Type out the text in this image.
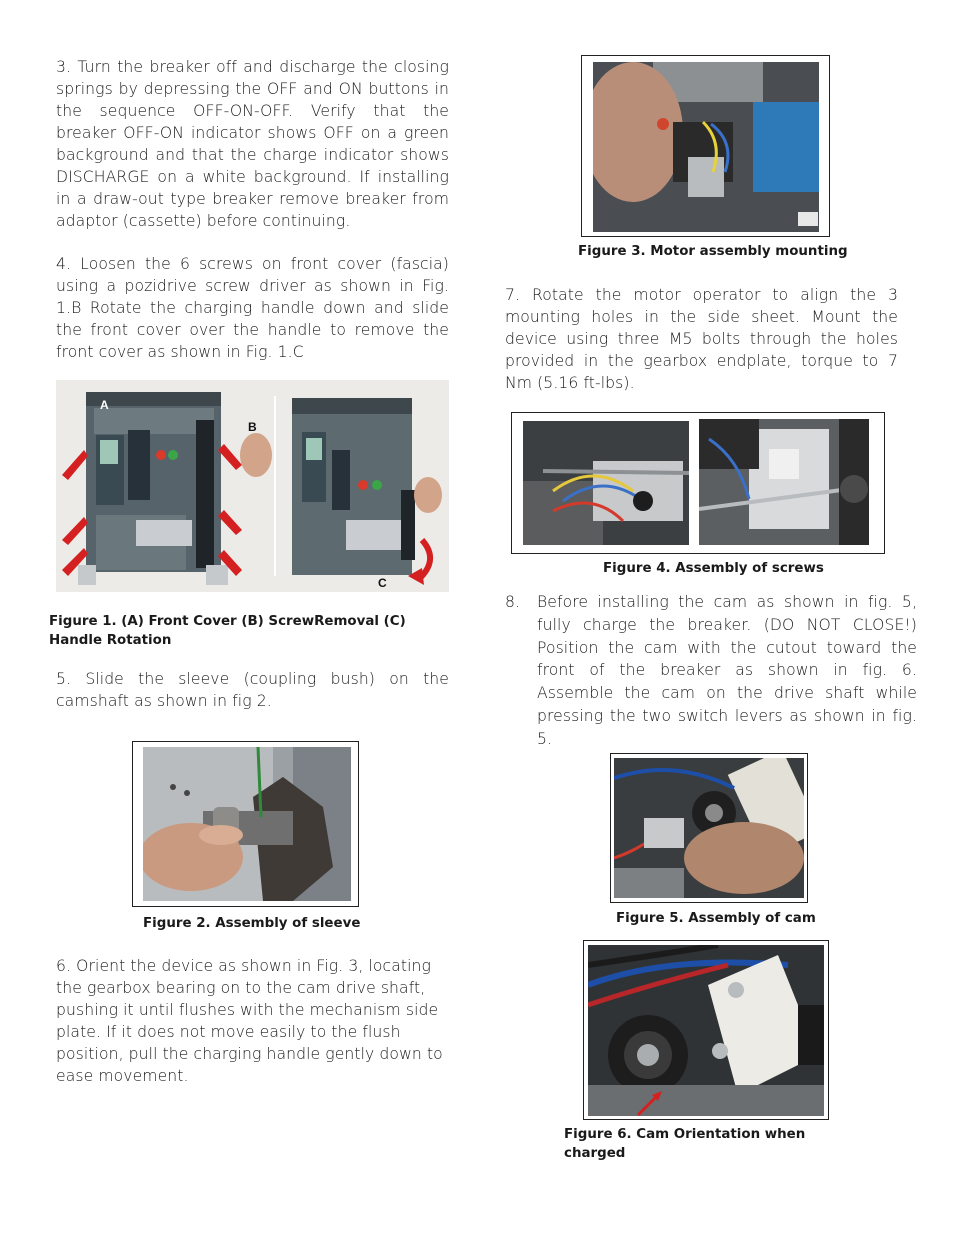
3. Turn the breaker off and discharge the closing springs by depressing the OFF and ON buttons in the sequence OFF-ON-OFF. Verify that the breaker OFF-ON indicator shows OFF on a green background and that the charge indicator shows DISCHARGE on a white background. If installing in a draw-out type breaker remove breaker from adaptor (cassette) before continuing.

4. Loosen the 6 screws on front cover (fascia) using a pozidrive screw driver as shown in Fig. 1.B Rotate the charging handle down and slide the front cover over the handle to remove the front cover as shown in Fig. 1.C

A
B
C

Figure 1. (A) Front Cover (B) ScrewRemoval (C) Handle Rotation

5. Slide the sleeve (coupling bush) on the camshaft as shown in fig 2.

Figure 2. Assembly of sleeve

6. Orient the device as shown in Fig. 3, locating the gearbox bearing on to the cam drive shaft, pushing it until flushes with the mechanism side plate. If it does not move easily to the flush position, pull the charging handle gently down to ease movement.

Figure 3. Motor assembly mounting

7. Rotate the motor operator to align the 3 mounting holes in the side sheet. Mount the device using three M5 bolts through the holes provided in the gearbox endplate, torque to 7 Nm (5.16 ft-lbs).

Figure 4. Assembly of screws

8.	Before installing the cam as shown in fig. 5, fully charge the breaker. (DO NOT CLOSE!) Position the cam with the cutout toward the front of the breaker as shown in fig. 6. Assemble the cam on the drive shaft while pressing the two switch levers as shown in fig. 5.

Figure 5. Assembly of cam

Figure 6. Cam Orientation when charged
